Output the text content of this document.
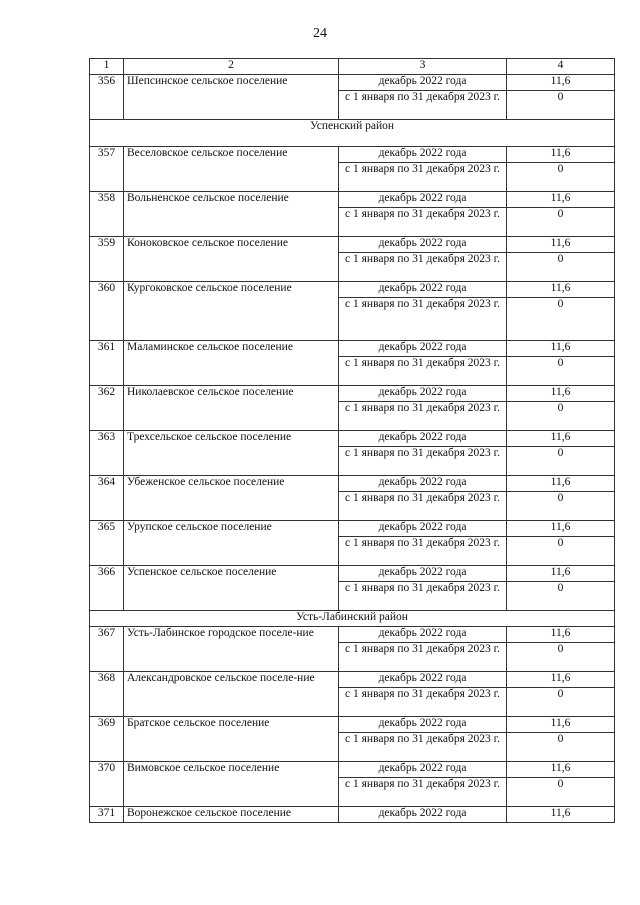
24
1	2	3	4
356	Шепсинское сельское поселение	декабрь 2022 года	11,6
		с 1 января по 31 декабря 2023 г.	0
Успенский район			
357	Веселовское сельское поселение	декабрь 2022 года	11,6
		с 1 января по 31 декабря 2023 г.	0
358	Вольненское сельское поселение	декабрь 2022 года	11,6
		с 1 января по 31 декабря 2023 г.	0
359	Коноковское сельское поселение	декабрь 2022 года	11,6
		с 1 января по 31 декабря 2023 г.	0
360	Кургоковское сельское поселение	декабрь 2022 года	11,6
		с 1 января по 31 декабря 2023 г.	0
361	Маламинское сельское поселение	декабрь 2022 года	11,6
		с 1 января по 31 декабря 2023 г.	0
362	Николаевское сельское поселение	декабрь 2022 года	11,6
		с 1 января по 31 декабря 2023 г.	0
363	Трехсельское сельское поселение	декабрь 2022 года	11,6
		с 1 января по 31 декабря 2023 г.	0
364	Убеженское сельское поселение	декабрь 2022 года	11,6
		с 1 января по 31 декабря 2023 г.	0
365	Урупское сельское поселение	декабрь 2022 года	11,6
		с 1 января по 31 декабря 2023 г.	0
366	Успенское сельское поселение	декабрь 2022 года	11,6
		с 1 января по 31 декабря 2023 г.	0
Усть-Лабинский район			
367	Усть-Лабинское городское поселе-ние	декабрь 2022 года	11,6
		с 1 января по 31 декабря 2023 г.	0
368	Александровское сельское поселе-ние	декабрь 2022 года	11,6
		с 1 января по 31 декабря 2023 г.	0
369	Братское сельское поселение	декабрь 2022 года	11,6
		с 1 января по 31 декабря 2023 г.	0
370	Вимовское сельское поселение	декабрь 2022 года	11,6
		с 1 января по 31 декабря 2023 г.	0
371	Воронежское сельское поселение	декабрь 2022 года	11,6
